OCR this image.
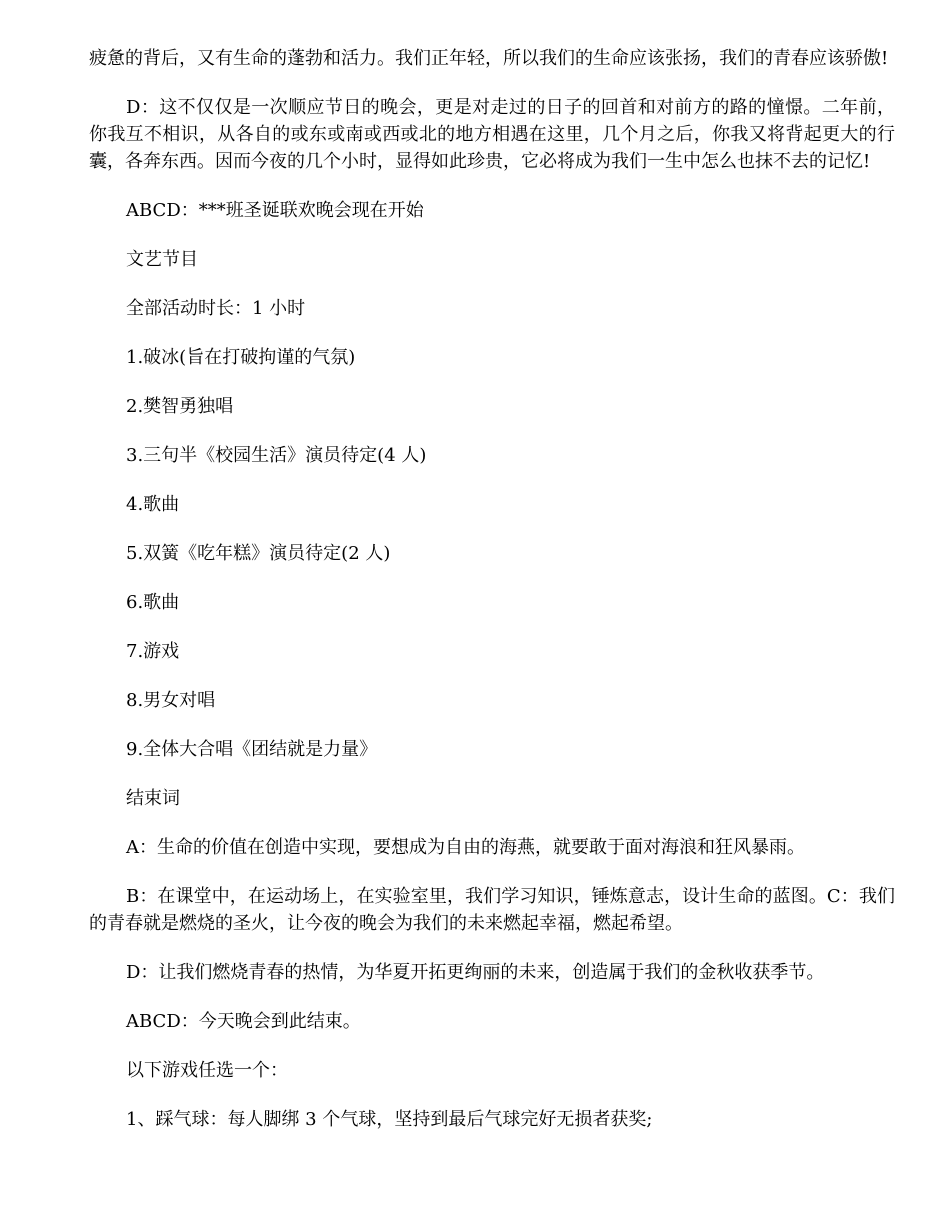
疲惫的背后，又有生命的蓬勃和活力。我们正年轻，所以我们的生命应该张扬，我们的青春应该骄傲!

D：这不仅仅是一次顺应节日的晚会，更是对走过的日子的回首和对前方的路的憧憬。二年前，你我互不相识，从各自的或东或南或西或北的地方相遇在这里，几个月之后，你我又将背起更大的行囊，各奔东西。因而今夜的几个小时，显得如此珍贵，它必将成为我们一生中怎么也抹不去的记忆!

ABCD：***班圣诞联欢晚会现在开始

文艺节目

全部活动时长：1 小时

1.破冰(旨在打破拘谨的气氛)

2.樊智勇独唱

3.三句半《校园生活》演员待定(4 人)

4.歌曲

5.双簧《吃年糕》演员待定(2 人)

6.歌曲

7.游戏

8.男女对唱

9.全体大合唱《团结就是力量》

结束词

A：生命的价值在创造中实现，要想成为自由的海燕，就要敢于面对海浪和狂风暴雨。

B：在课堂中，在运动场上，在实验室里，我们学习知识，锤炼意志，设计生命的蓝图。C：我们的青春就是燃烧的圣火，让今夜的晚会为我们的未来燃起幸福，燃起希望。

D：让我们燃烧青春的热情，为华夏开拓更绚丽的未来，创造属于我们的金秋收获季节。

ABCD：今天晚会到此结束。

以下游戏任选一个：

1、踩气球：每人脚绑 3 个气球，坚持到最后气球完好无损者获奖;
